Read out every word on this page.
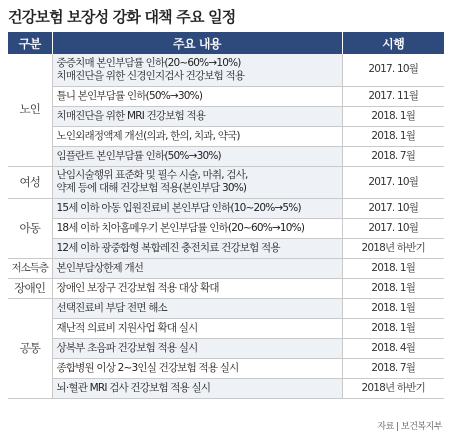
건강보험 보장성 강화 대책 주요 일정
구분	주요 내용	시행
노인	중증치매 본인부담률 인하(20~60%→10%)
치매진단을 위한 신경인지검사 건강보험 적용	2017. 10월
	틀니 본인부담률 인하(50%→30%)	2017. 11월
	치매진단을 위한 MRI 건강보험 적용	2018. 1월
	노인외래정액제 개선(의과, 한의, 치과, 약국)	2018. 1월
	임플란트 본인부담률 인하(50%→30%)	2018. 7월
여성	난임시술행위 표준화 및 필수 시술, 마취, 검사,
약제 등에 대해 건강보험 적용(본인부담 30%)	2017. 10월
아동	15세 이하 아동 입원진료비 본인부담 인하(10~20%→5%)	2017. 10월
	18세 이하 치아홈메우기 본인부담률 인하(20~60%→10%)	2017. 10월
	12세 이하 광중합형 복합레진 충전치료 건강보험 적용	2018년 하반기
저소득층	본인부담상한제 개선	2018. 1월
장애인	장애인 보장구 건강보험 적용 대상 확대	2018. 1월
공통	선택진료비 부담 전면 해소	2018. 1월
	재난적 의료비 지원사업 확대 실시	2018. 1월
	상복부 초음파 건강보험 적용 실시	2018. 4월
	종합병원 이상 2~3인실 건강보험 적용 실시	2018. 7월
	뇌·혈관 MRI 검사 건강보험 적용 실시	2018년 하반기
자료 | 보건복지부
